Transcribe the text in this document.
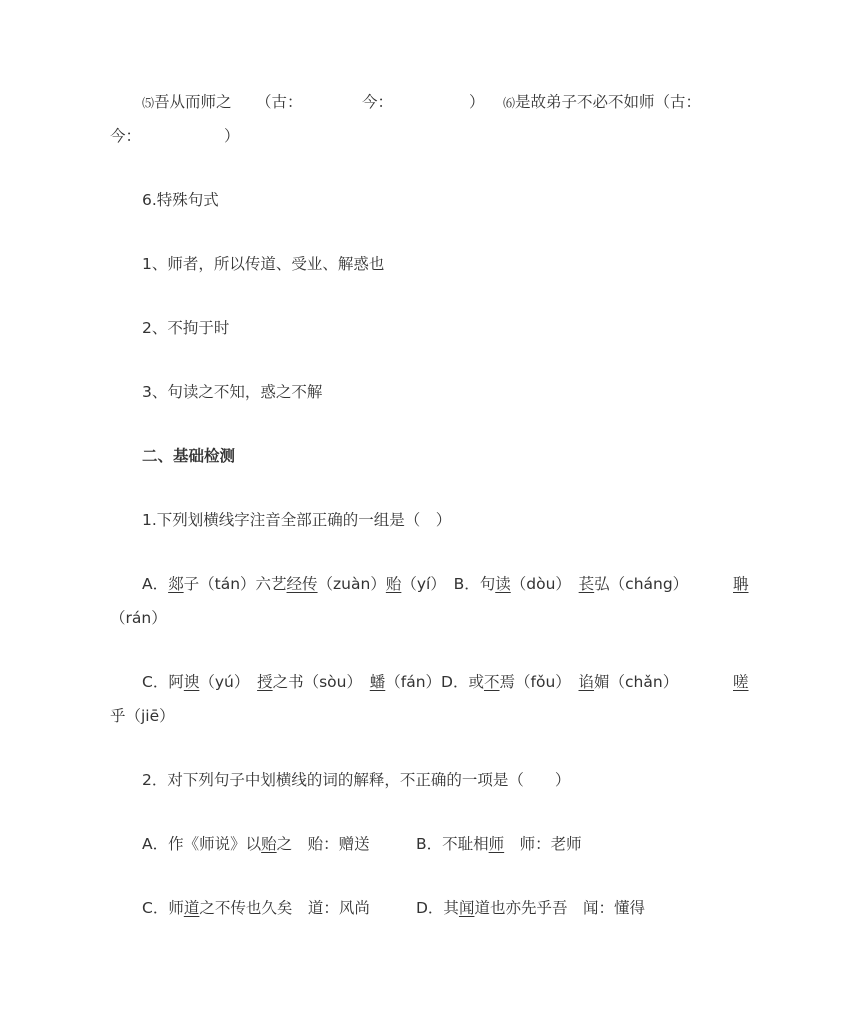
⑸吾从而师之 （古：	今：	） ⑹是故弟子不必不如师（古：
今：	）
6.特殊句式
1、师者，所以传道、受业、解惑也
2、不拘于时
3、句读之不知，惑之不解
二、基础检测
1.下列划横线字注音全部正确的一组是（　）
A．郯子（tán）六艺经传（zuàn）贻（yí）　B．句读（dòu）　苌弘（cháng）　 聃
（rán）
C．阿谀（yú）　授之书（sòu）　蟠（fán）D．或不焉（fǒu）　谄媚（chǎn）　	嗟
乎（jiē）
2．对下列句子中划横线的词的解释，不正确的一项是（　　）
A．作《师说》以贻之　贻：赠送	B．不耻相师　师：老师
C．师道之不传也久矣　道：风尚	D．其闻道也亦先乎吾　闻：懂得
